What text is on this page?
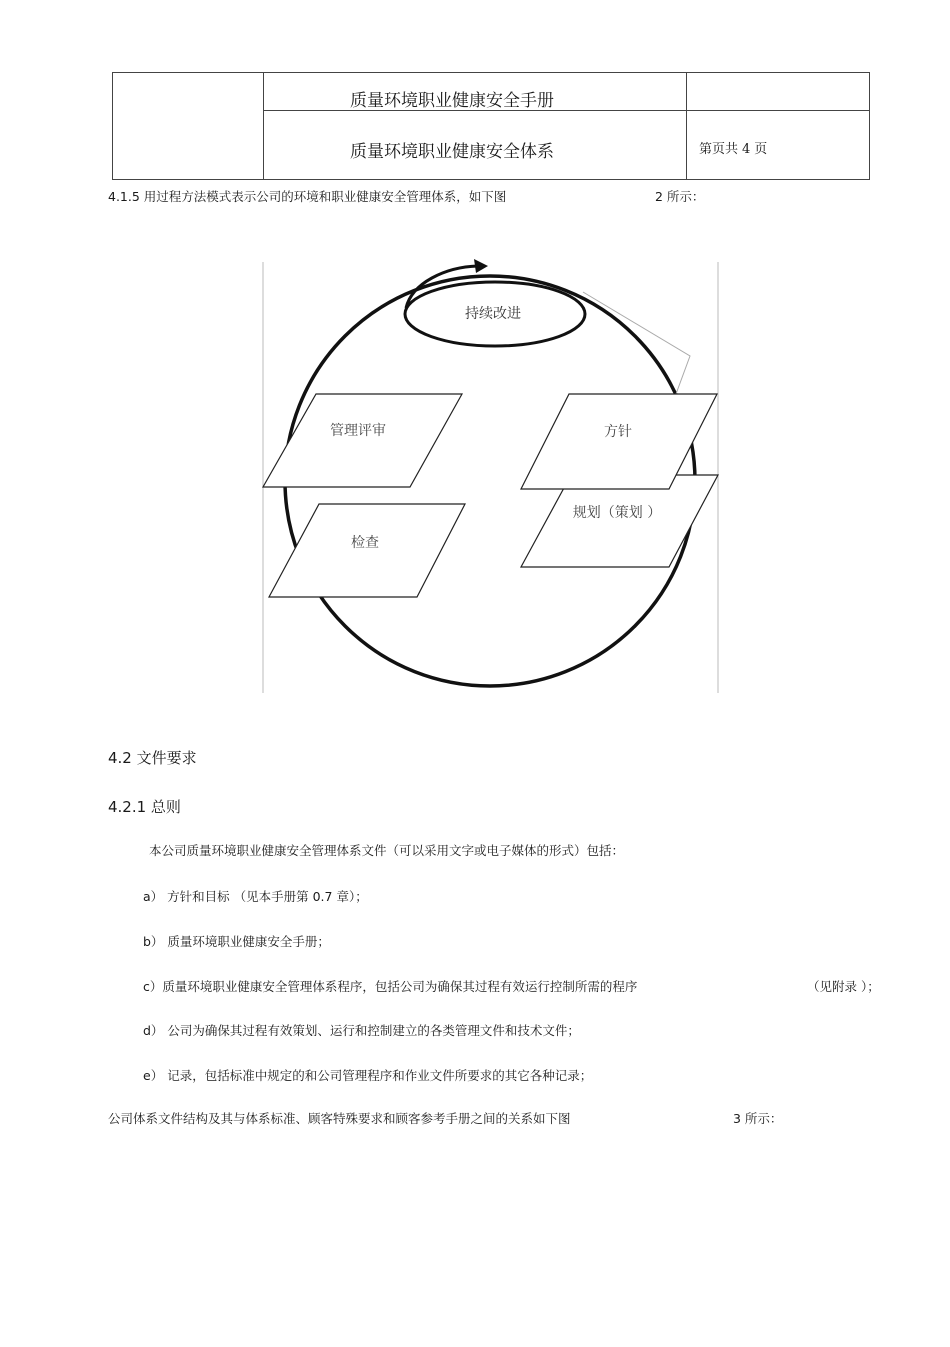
质量环境职业健康安全手册
质量环境职业健康安全体系	第页共 4 页
4.1.5 用过程方法模式表示公司的环境和职业健康安全管理体系，如下图	2 所示：
持续改进
管理评审
规划（策划 ）
方针
检查
4.2 文件要求
4.2.1 总则
本公司质量环境职业健康安全管理体系文件（可以采用文字或电子媒体的形式）包括：
a） 方针和目标 （见本手册第 0.7 章）；
b） 质量环境职业健康安全手册；
c）质量环境职业健康安全管理体系程序，包括公司为确保其过程有效运行控制所需的程序	（见附录 ）；
d） 公司为确保其过程有效策划、运行和控制建立的各类管理文件和技术文件；
e） 记录，包括标准中规定的和公司管理程序和作业文件所要求的其它各种记录；
公司体系文件结构及其与体系标准、顾客特殊要求和顾客参考手册之间的关系如下图	3 所示：
